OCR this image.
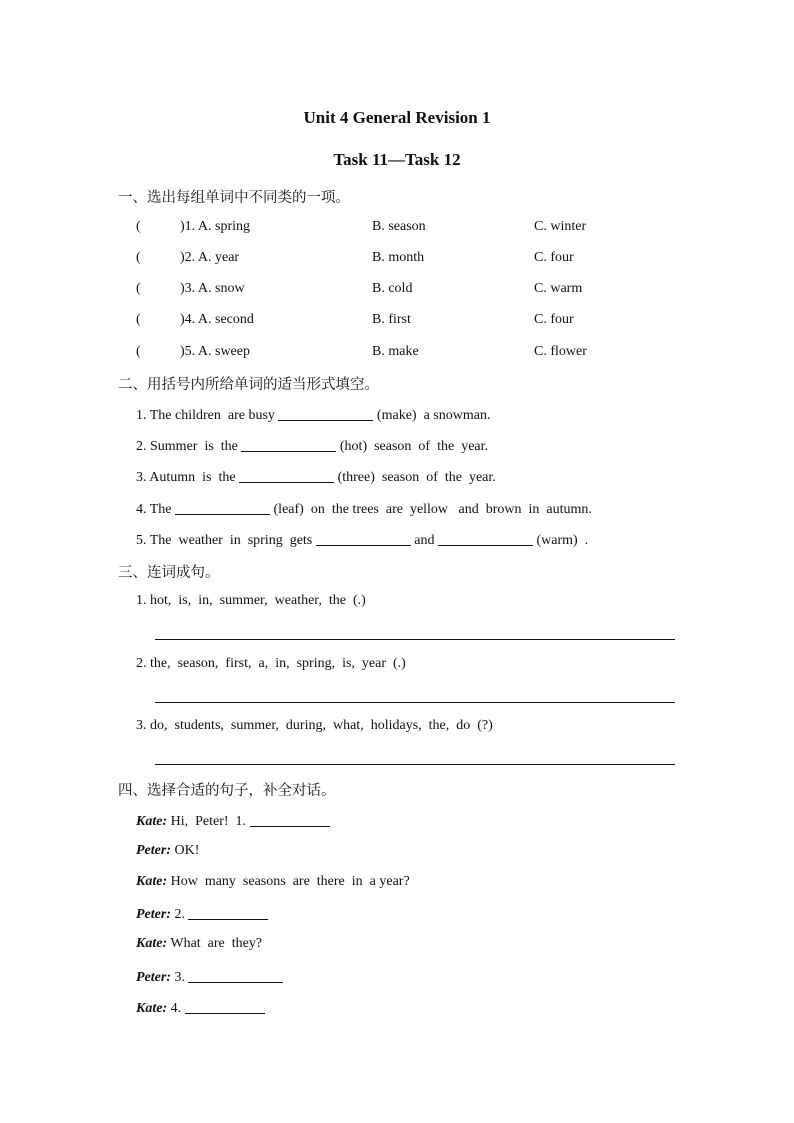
Unit 4 General Revision 1
Task 11—Task 12
一、选出每组单词中不同类的一项。
(	)1. A. spring	B. season	C. winter
(	)2. A. year	B. month	C. four
(	)3. A. snow	B. cold	C. warm
(	)4. A. second	B. first	C. four
(	)5. A. sweep	B. make	C. flower
二、用括号内所给单词的适当形式填空。
1. The children  are busy	(make)  a snowman.
2. Summer  is  the	(hot)  season  of  the  year.
3. Autumn  is  the	(three)  season  of  the  year.
4. The	(leaf)  on  the trees  are  yellow   and  brown  in  autumn.
5. The  weather  in  spring  gets	and	(warm)  .
三、连词成句。
1. hot,  is,  in,  summer,  weather,  the  (.)
2. the,  season,  first,  a,  in,  spring,  is,  year  (.)
3. do,  students,  summer,  during,  what,  holidays,  the,  do  (?)
四、选择合适的句子，补全对话。
Kate: Hi,  Peter!  1.
Peter: OK!
Kate: How  many  seasons  are  there  in  a year?
Peter: 2.
Kate: What  are  they?
Peter: 3.
Kate: 4.
